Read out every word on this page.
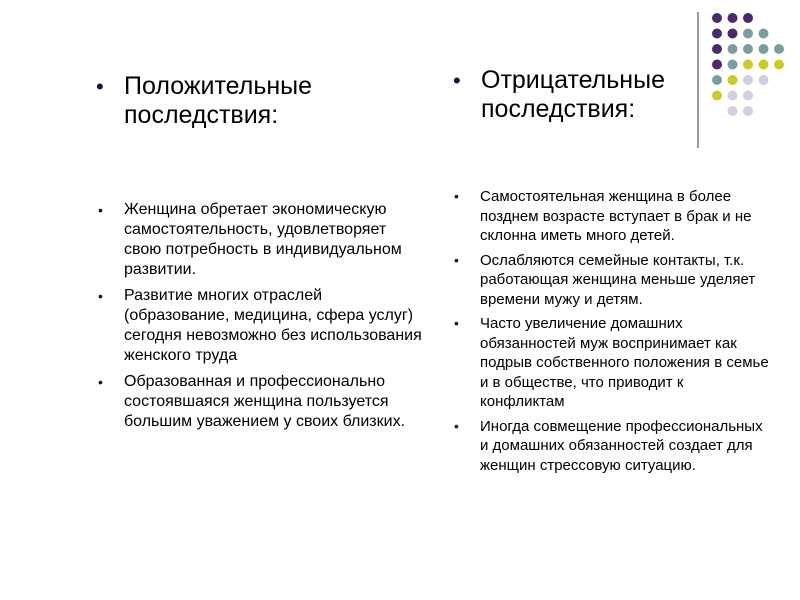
• Положительные последствия:
• Женщина обретает экономическую самостоятельность, удовлетворяет свою потребность в индивидуальном развитии.
• Развитие многих отраслей (образование, медицина, сфера услуг) сегодня невозможно без использования женского труда
• Образованная и профессионально состоявшаяся женщина пользуется большим уважением у своих близких.
• Отрицательные последствия:
• Самостоятельная женщина в более позднем возрасте вступает в брак и не склонна иметь много детей.
• Ослабляются семейные контакты, т.к. работающая женщина меньше уделяет времени мужу и детям.
• Часто увеличение домашних обязанностей муж воспринимает как подрыв собственного положения в семье и в обществе, что приводит к конфликтам
• Иногда совмещение профессиональных и домашних обязанностей создает для женщин стрессовую ситуацию.
